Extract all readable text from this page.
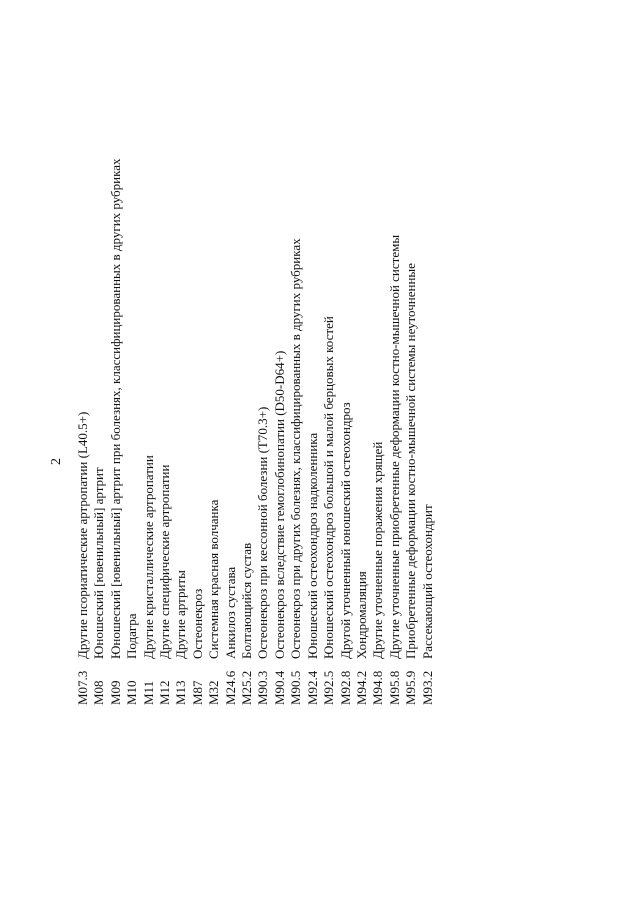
2
M07.3
Другие псориатические артропатии (L40.5+)
M08
Юношеский [ювенильный] артрит
M09
Юношеский [ювенильный] артрит при болезнях, классифицированных в других рубриках
M10
Подагра
M11
Другие кристаллические артропатии
M12
Другие специфические артропатии
M13
Другие артриты
M87
Остеонекроз
M32
Системная красная волчанка
M24.6
Анкилоз сустава
M25.2
Болтающийся сустав
M90.3
Остеонекроз при кессонной болезни (T70.3+)
M90.4
Остеонекроз вследствие гемоглобинопатии (D50-D64+)
M90.5
Остеонекроз при других болезнях, классифицированных в других рубриках
M92.4
Юношеский остеохондроз надколенника
M92.5
Юношеский остеохондроз большой и малой берцовых костей
M92.8
Другой уточненный юношеский остеохондроз
M94.2
Хондромаляция
M94.8
Другие уточненные поражения хрящей
M95.8
Другие уточненные приобретенные деформации костно-мышечной системы
M95.9
Приобретенные деформации костно-мышечной системы неуточненные
M93.2
Рассекающий остеохондрит
